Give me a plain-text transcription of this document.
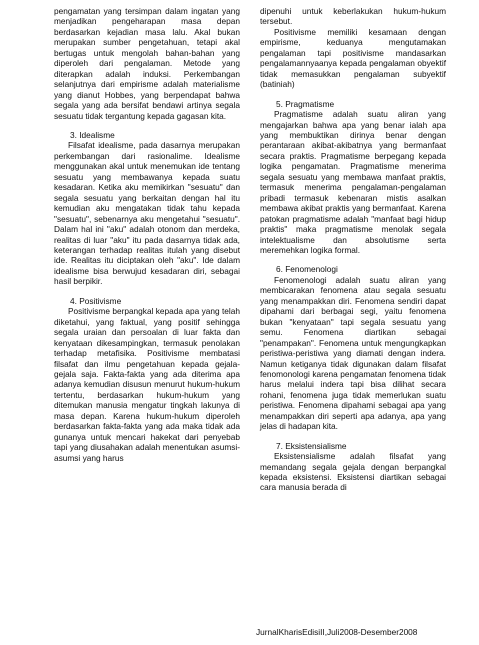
pengamatan yang tersimpan dalam ingatan yang menjadikan pengeharapan masa depan berdasarkan kejadian masa lalu. Akal bukan merupakan sumber pengetahuan, tetapi akal bertugas untuk mengolah bahan-bahan yang diperoleh dari pengalaman. Metode yang diterapkan adalah induksi. Perkembangan selanjutnya dari empirisme adalah materialisme yang dianut Hobbes, yang berpendapat bahwa segala yang ada bersifat bendawi artinya segala sesuatu tidak tergantung kepada gagasan kita.

3. Idealisme

Filsafat idealisme, pada dasarnya merupakan perkembangan dari rasionalime. Idealisme menggunakan akal untuk menemukan ide tentang sesuatu yang membawanya kepada suatu kesadaran. Ketika aku memikirkan "sesuatu" dan segala sesuatu yang berkaitan dengan hal itu kemudian aku mengatakan tidak tahu kepada "sesuatu", sebenarnya aku mengetahui "sesuatu". Dalam hal ini "aku" adalah otonom dan merdeka, realitas di luar "aku" itu pada dasarnya tidak ada, keterangan terhadap realitas itulah yang disebut ide. Realitas itu diciptakan oleh "aku". Ide dalam idealisme bisa berwujud kesadaran diri, sebagai hasil berpikir.

4. Positivisme

Positivisme berpangkal kepada apa yang telah diketahui, yang faktual, yang positif sehingga segala uraian dan persoalan di luar fakta dan kenyataan dikesampingkan, termasuk penolakan terhadap metafisika. Positivisme membatasi filsafat dan ilmu pengetahuan kepada gejala-gejala saja. Fakta-fakta yang ada diterima apa adanya kemudian disusun menurut hukum-hukum tertentu, berdasarkan hukum-hukum yang ditemukan manusia mengatur tingkah lakunya di masa depan. Karena hukum-hukum diperoleh berdasarkan fakta-fakta yang ada maka tidak ada gunanya untuk mencari hakekat dari penyebab tapi yang diusahakan adalah menentukan asumsi-asumsi yang harus

dipenuhi untuk keberlakukan hukum-hukum tersebut.

Positivisme memiliki kesamaan dengan empirisme, keduanya mengutamakan pengalaman tapi positivisme mandasarkan pengalamannyaanya kepada pengalaman obyektif tidak memasukkan pengalaman subyektif (batiniah)

5. Pragmatisme

Pragmatisme adalah suatu aliran yang mengajarkan bahwa apa yang benar ialah apa yang membuktikan dirinya benar dengan perantaraan akibat-akibatnya yang bermanfaat secara praktis. Pragmatisme berpegang kepada logika pengamatan. Pragmatisme menerima segala sesuatu yang membawa manfaat praktis, termasuk menerima pengalaman-pengalaman pribadi termasuk kebenaran mistis asalkan membawa akibat praktis yang bermanfaat. Karena patokan pragmatisme adalah "manfaat bagi hidup praktis" maka pragmatisme menolak segala intelektualisme dan absolutisme serta meremehkan logika formal.

6. Fenomenologi

Fenomenologi adalah suatu aliran yang membicarakan fenomena atau segala sesuatu yang menampakkan diri. Fenomena sendiri dapat dipahami dari berbagai segi, yaitu fenomena bukan "kenyataan" tapi segala sesuatu yang semu. Fenomena diartikan sebagai "penampakan". Fenomena untuk mengungkapkan peristiwa-peristiwa yang diamati dengan indera. Namun ketiganya tidak digunakan dalam filsafat fenomonologi karena pengamatan fenomena tidak harus melalui indera tapi bisa dilihat secara rohani, fenomena juga tidak memerlukan suatu peristiwa. Fenomena dipahami sebagai apa yang menampakkan diri seperti apa adanya, apa yang jelas di hadapan kita.

7. Eksistensialisme

Eksistensialisme adalah filsafat yang memandang segala gejala dengan berpangkal kepada eksistensi. Eksistensi diartikan sebagai cara manusia berada di

JurnalKharisEdisiII,Juli2008-Desember2008
